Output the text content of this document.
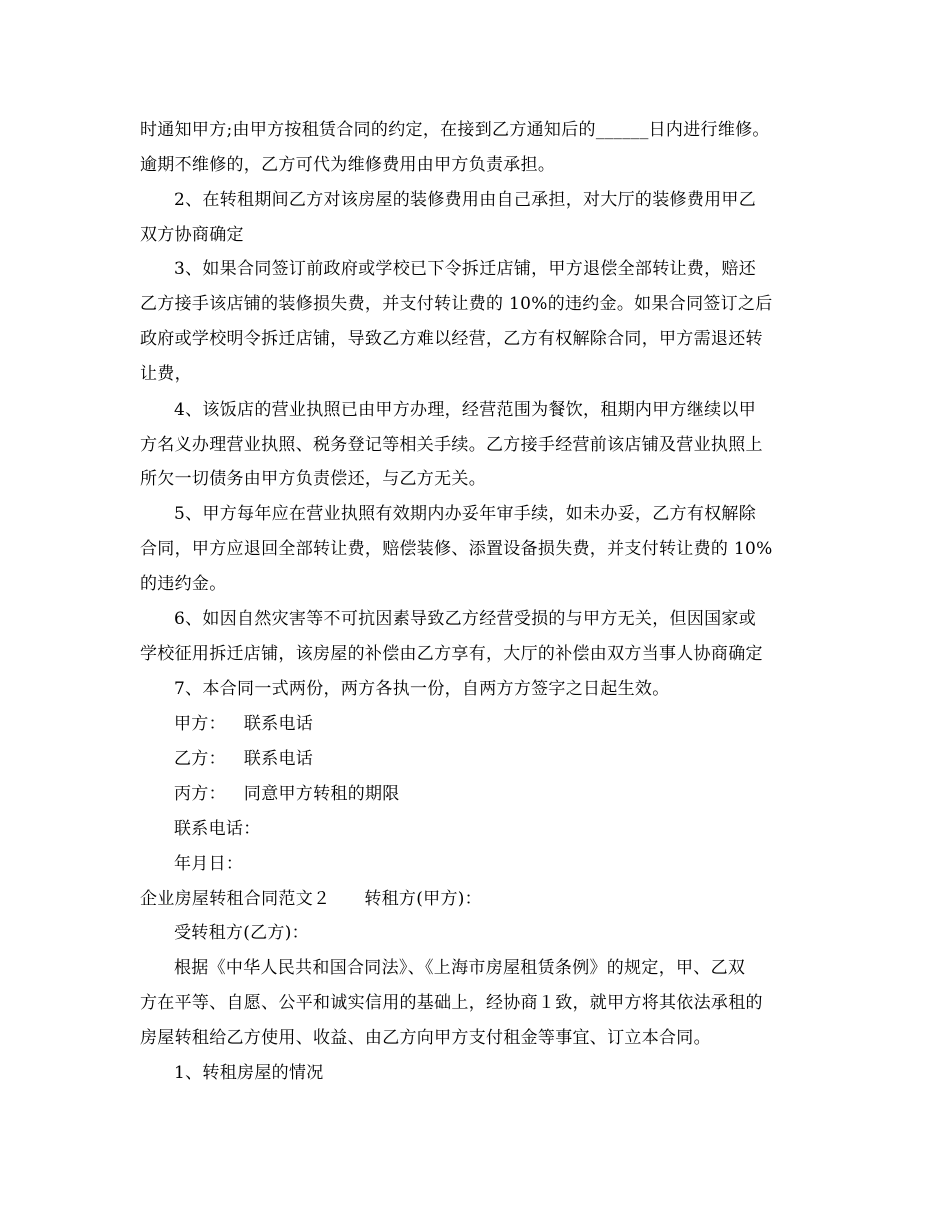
时通知甲方;由甲方按租赁合同的约定，在接到乙方通知后的______日内进行维修。
逾期不维修的，乙方可代为维修费用由甲方负责承担。
2、在转租期间乙方对该房屋的装修费用由自己承担，对大厅的装修费用甲乙
双方协商确定
3、如果合同签订前政府或学校已下令拆迁店铺，甲方退偿全部转让费，赔还
乙方接手该店铺的装修损失费，并支付转让费的 10%的违约金。如果合同签订之后
政府或学校明令拆迁店铺，导致乙方难以经营，乙方有权解除合同，甲方需退还转
让费，
4、该饭店的营业执照已由甲方办理，经营范围为餐饮，租期内甲方继续以甲
方名义办理营业执照、税务登记等相关手续。乙方接手经营前该店铺及营业执照上
所欠一切债务由甲方负责偿还，与乙方无关。
5、甲方每年应在营业执照有效期内办妥年审手续，如未办妥，乙方有权解除
合同，甲方应退回全部转让费，赔偿装修、添置设备损失费，并支付转让费的 10%
的违约金。
6、如因自然灾害等不可抗因素导致乙方经营受损的与甲方无关，但因国家或
学校征用拆迁店铺，该房屋的补偿由乙方享有，大厅的补偿由双方当事人协商确定
7、本合同一式两份，两方各执一份，自两方方签字之日起生效。
甲方： 联系电话
乙方： 联系电话
丙方： 同意甲方转租的期限
联系电话：
年月日：
企业房屋转租合同范文２ 转租方(甲方)：
受转租方(乙方)：
根据《中华人民共和国合同法》、《上海市房屋租赁条例》的规定，甲、乙双
方在平等、自愿、公平和诚实信用的基础上，经协商１致，就甲方将其依法承租的
房屋转租给乙方使用、收益、由乙方向甲方支付租金等事宜、订立本合同。
1、转租房屋的情况
